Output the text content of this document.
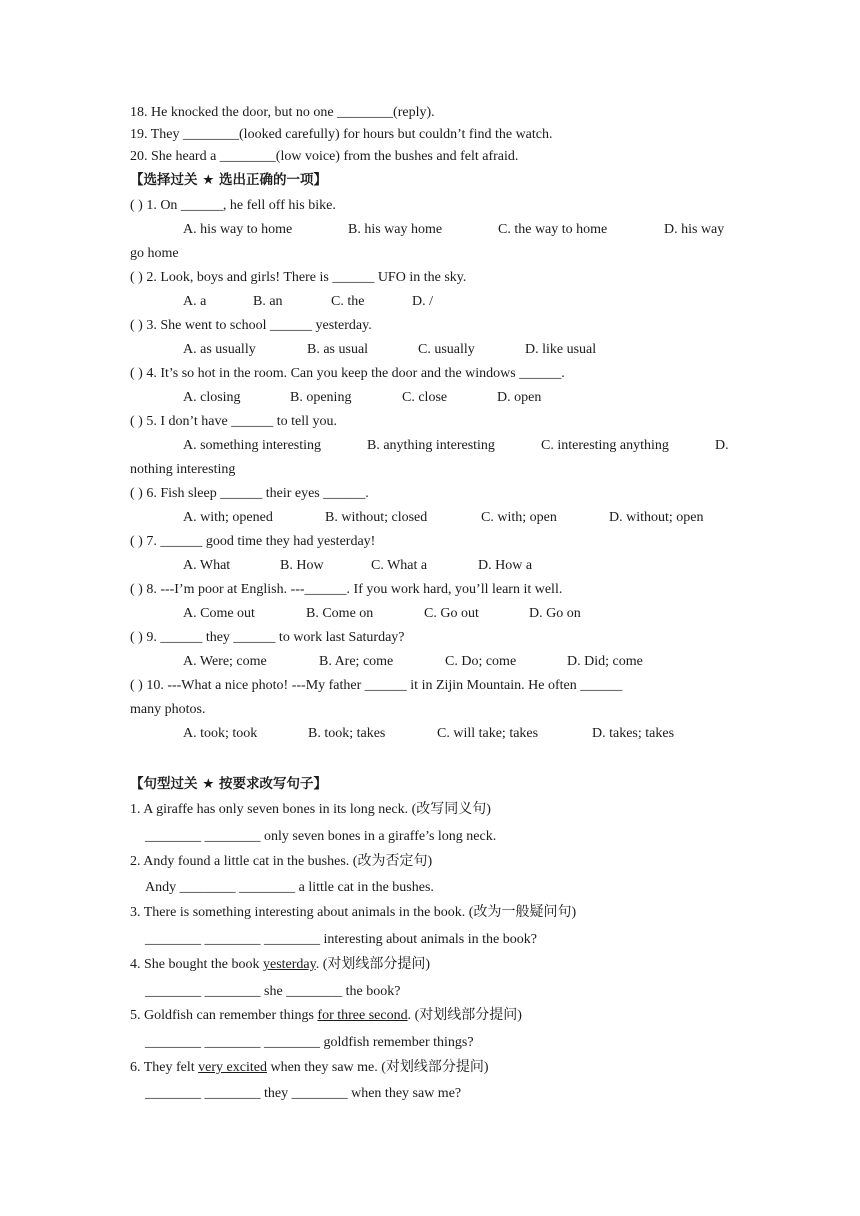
18. He knocked the door, but no one ________(reply).
19. They ________(looked carefully) for hours but couldn’t find the watch.
20. She heard a ________(low voice) from the bushes and felt afraid.
【选择过关 ★ 选出正确的一项】
( ) 1. On ______, he fell off his bike.
A. his way to home	B. his way home	C. the way to home	D. his way
go home
( ) 2. Look, boys and girls! There is ______ UFO in the sky.
A. a	B. an	C. the	D. /
( ) 3. She went to school ______ yesterday.
A. as usually	B. as usual	C. usually	D. like usual
( ) 4. It’s so hot in the room. Can you keep the door and the windows ______.
A. closing	B. opening	C. close	D. open
( ) 5. I don’t have ______ to tell you.
A. something interesting	B. anything interesting	C. interesting anything	D.
nothing interesting
( ) 6. Fish sleep ______ their eyes ______.
A. with; opened	B. without; closed	C. with; open	D. without; open
( ) 7. ______ good time they had yesterday!
A. What	B. How	C. What a	D. How a
( ) 8. ---I’m poor at English. ---______. If you work hard, you’ll learn it well.
A. Come out	B. Come on	C. Go out	D. Go on
( ) 9. ______ they ______ to work last Saturday?
A. Were; come	B. Are; come	C. Do; come	D. Did; come
( ) 10. ---What a nice photo! ---My father ______ it in Zijin Mountain. He often ______
many photos.
A. took; took	B. took; takes	C. will take; takes	D. takes; takes
【句型过关 ★ 按要求改写句子】
1. A giraffe has only seven bones in its long neck. (改写同义句)
________ ________ only seven bones in a giraffe’s long neck.
2. Andy found a little cat in the bushes. (改为否定句)
Andy ________ ________ a little cat in the bushes.
3. There is something interesting about animals in the book. (改为一般疑问句)
________ ________ ________ interesting about animals in the book?
4. She bought the book yesterday. (对划线部分提问)
________ ________ she ________ the book?
5. Goldfish can remember things for three second. (对划线部分提问)
________ ________ ________ goldfish remember things?
6. They felt very excited when they saw me. (对划线部分提问)
________ ________ they ________ when they saw me?
